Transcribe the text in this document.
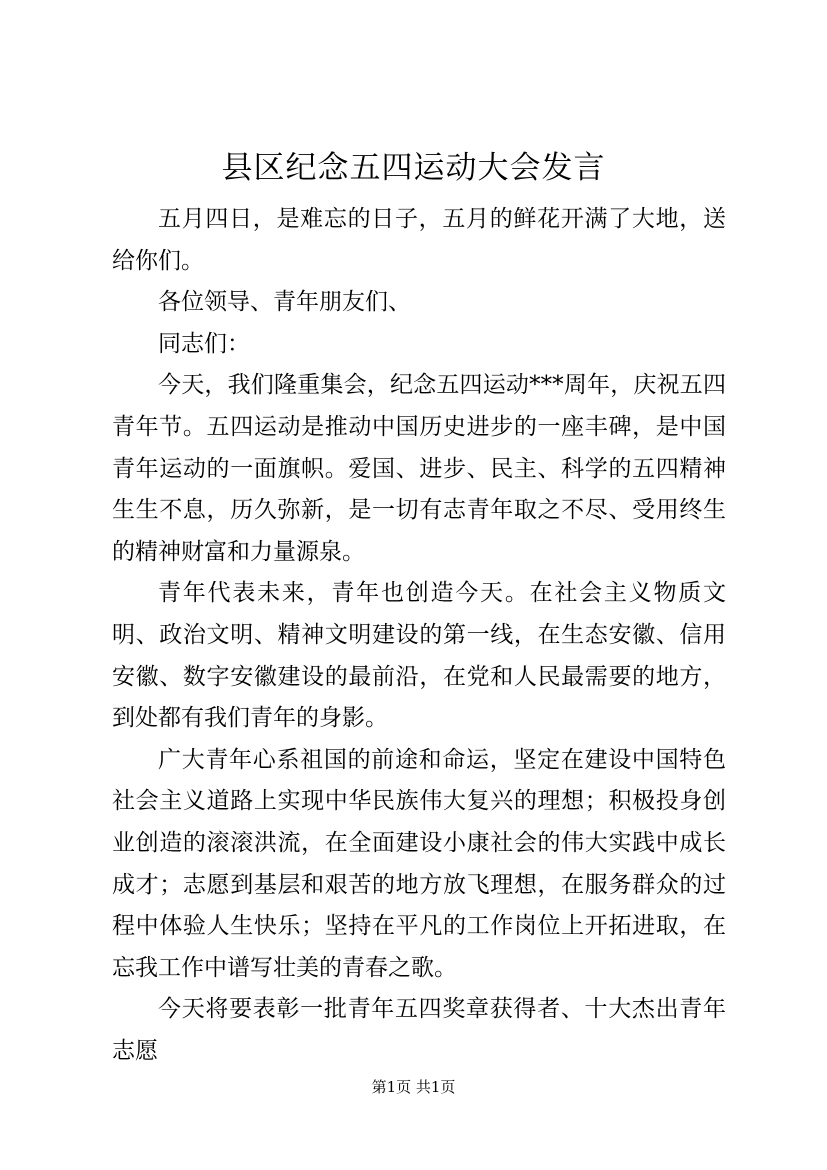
县区纪念五四运动大会发言

五月四日，是难忘的日子，五月的鲜花开满了大地，送给你们。

各位领导、青年朋友们、

同志们：

今天，我们隆重集会，纪念五四运动***周年，庆祝五四青年节。五四运动是推动中国历史进步的一座丰碑，是中国青年运动的一面旗帜。爱国、进步、民主、科学的五四精神生生不息，历久弥新，是一切有志青年取之不尽、受用终生的精神财富和力量源泉。

青年代表未来，青年也创造今天。在社会主义物质文明、政治文明、精神文明建设的第一线，在生态安徽、信用安徽、数字安徽建设的最前沿，在党和人民最需要的地方，到处都有我们青年的身影。

广大青年心系祖国的前途和命运，坚定在建设中国特色社会主义道路上实现中华民族伟大复兴的理想；积极投身创业创造的滚滚洪流，在全面建设小康社会的伟大实践中成长成才；志愿到基层和艰苦的地方放飞理想，在服务群众的过程中体验人生快乐；坚持在平凡的工作岗位上开拓进取，在忘我工作中谱写壮美的青春之歌。

今天将要表彰一批青年五四奖章获得者、十大杰出青年志愿

第1页 共1页
